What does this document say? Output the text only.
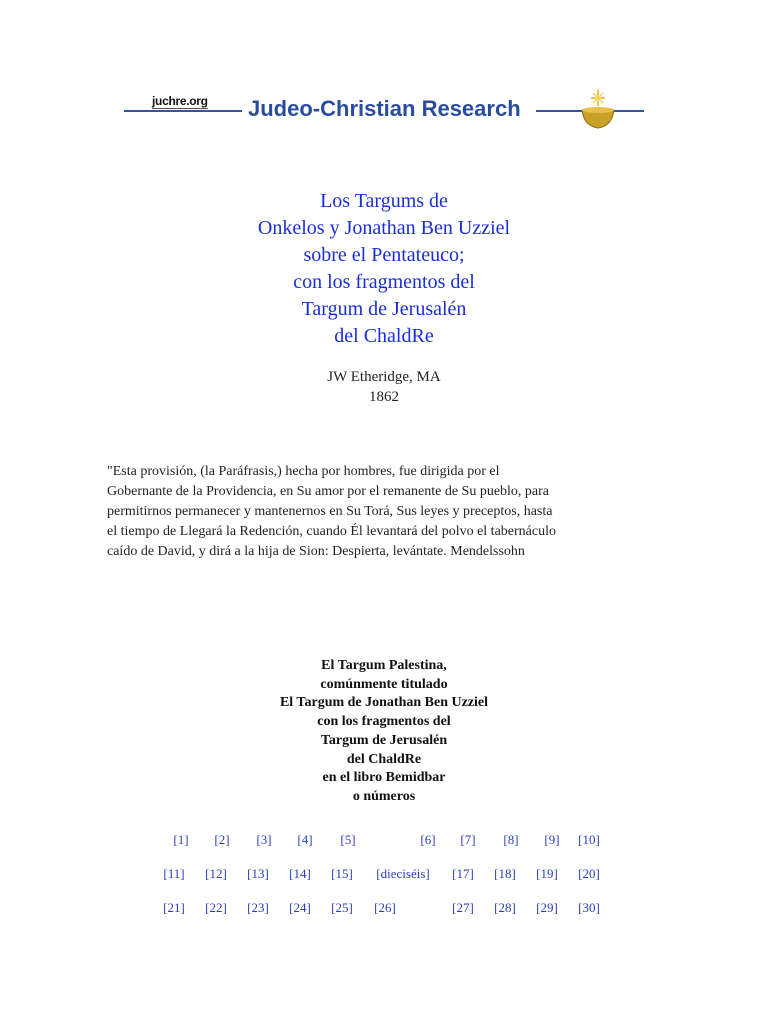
juchre.org Judeo-Christian Research
Los Targums de
Onkelos y Jonathan Ben Uzziel
sobre el Pentateuco;
con los fragmentos del
Targum de Jerusalén
del ChaldRe
JW Etheridge, MA
1862
"Esta provisión, (la Paráfrasis,) hecha por hombres, fue dirigida por el
Gobernante de la Providencia, en Su amor por el remanente de Su pueblo, para
permitirnos permanecer y mantenernos en Su Torá, Sus leyes y preceptos, hasta
el tiempo de Llegará la Redención, cuando Él levantará del polvo el tabernáculo
caído de David, y dirá a la hija de Sion: Despierta, levántate. Mendelssohn
El Targum Palestina,
comúnmente titulado
El Targum de Jonathan Ben Uzziel
con los fragmentos del
Targum de Jerusalén
del ChaldRe
en el libro Bemidbar
o números
[1] [2] [3] [4] [5]	[6] [7] [8] [9] [10]
[11] [12] [13] [14] [15] [dieciséis] [17] [18] [19] [20]
[21] [22] [23] [24] [25] [26]	[27] [28] [29] [30]
